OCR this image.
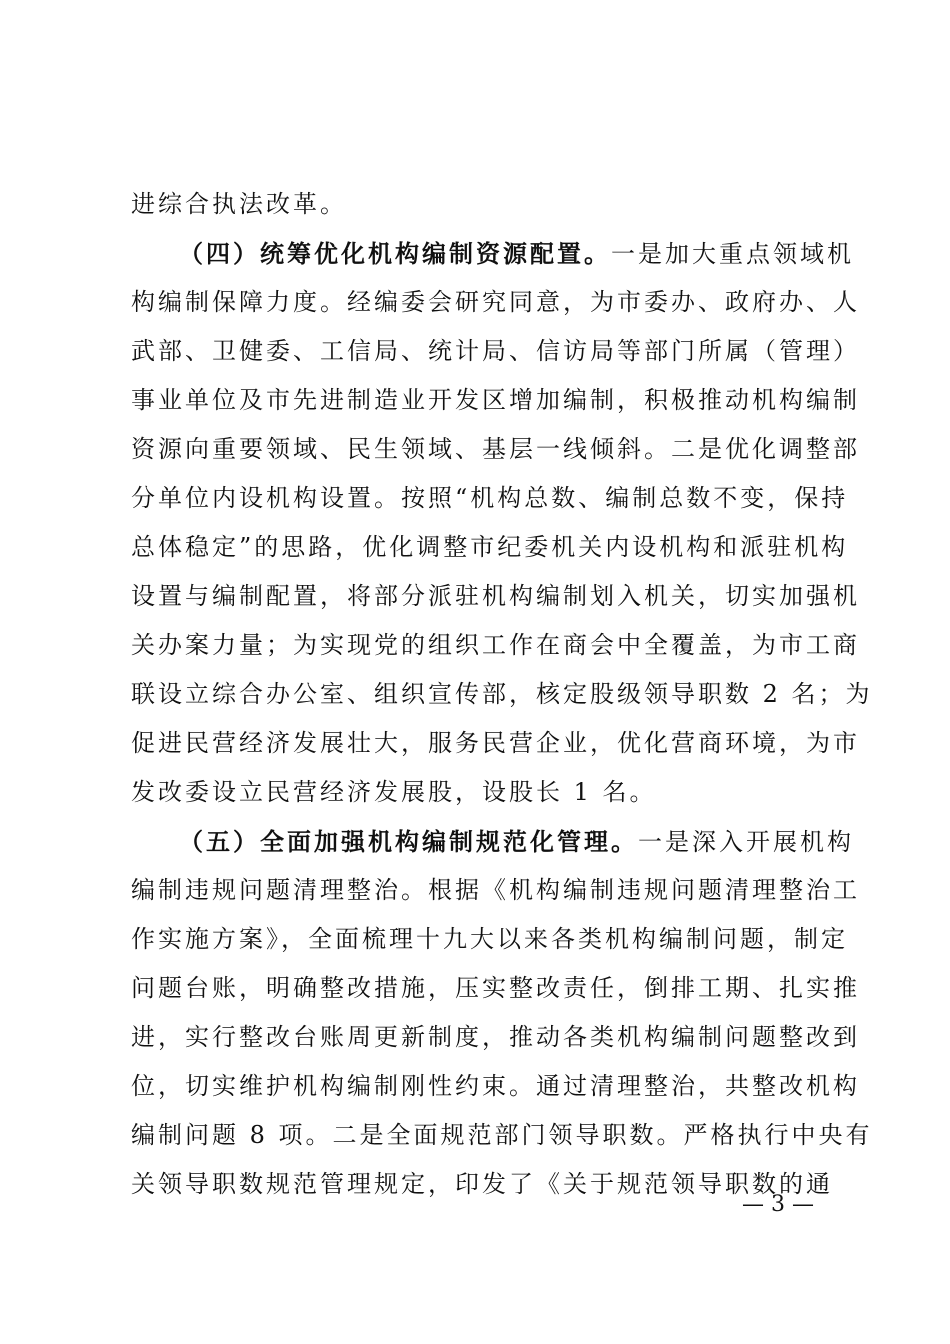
进综合执法改革。
（四）统筹优化机构编制资源配置。一是加大重点领域机
构编制保障力度。经编委会研究同意，为市委办、政府办、人
武部、卫健委、工信局、统计局、信访局等部门所属（管理）
事业单位及市先进制造业开发区增加编制，积极推动机构编制
资源向重要领域、民生领域、基层一线倾斜。二是优化调整部
分单位内设机构设置。按照“机构总数、编制总数不变，保持
总体稳定”的思路，优化调整市纪委机关内设机构和派驻机构
设置与编制配置，将部分派驻机构编制划入机关，切实加强机
关办案力量；为实现党的组织工作在商会中全覆盖，为市工商
联设立综合办公室、组织宣传部，核定股级领导职数 2 名；为
促进民营经济发展壮大，服务民营企业，优化营商环境，为市
发改委设立民营经济发展股，设股长 1 名。
（五）全面加强机构编制规范化管理。一是深入开展机构
编制违规问题清理整治。根据《机构编制违规问题清理整治工
作实施方案》，全面梳理十九大以来各类机构编制问题，制定
问题台账，明确整改措施，压实整改责任，倒排工期、扎实推
进，实行整改台账周更新制度，推动各类机构编制问题整改到
位，切实维护机构编制刚性约束。通过清理整治，共整改机构
编制问题 8 项。二是全面规范部门领导职数。严格执行中央有
关领导职数规范管理规定，印发了《关于规范领导职数的通
— 3 —
